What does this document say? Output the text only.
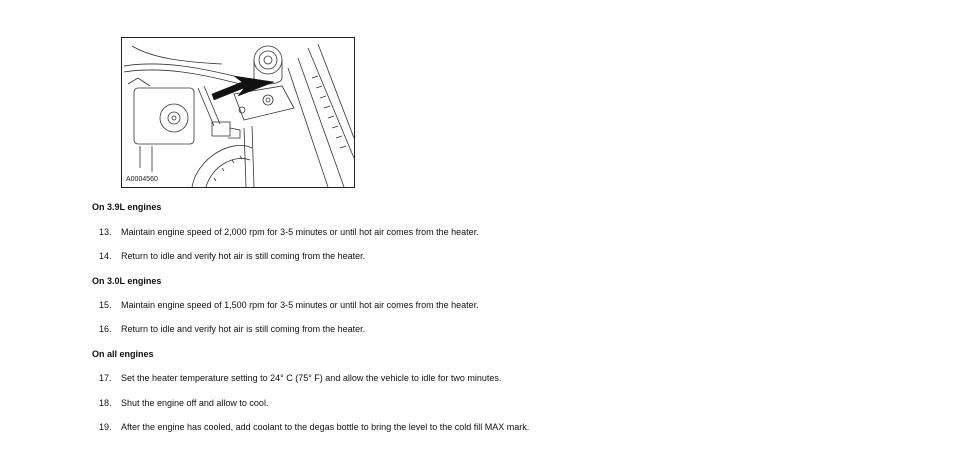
A0004560
On 3.9L engines
13. Maintain engine speed of 2,000 rpm for 3-5 minutes or until hot air comes from the heater.
14. Return to idle and verify hot air is still coming from the heater.
On 3.0L engines
15. Maintain engine speed of 1,500 rpm for 3-5 minutes or until hot air comes from the heater.
16. Return to idle and verify hot air is still coming from the heater.
On all engines
17. Set the heater temperature setting to 24° C (75° F) and allow the vehicle to idle for two minutes.
18. Shut the engine off and allow to cool.
19. After the engine has cooled, add coolant to the degas bottle to bring the level to the cold fill MAX mark.
